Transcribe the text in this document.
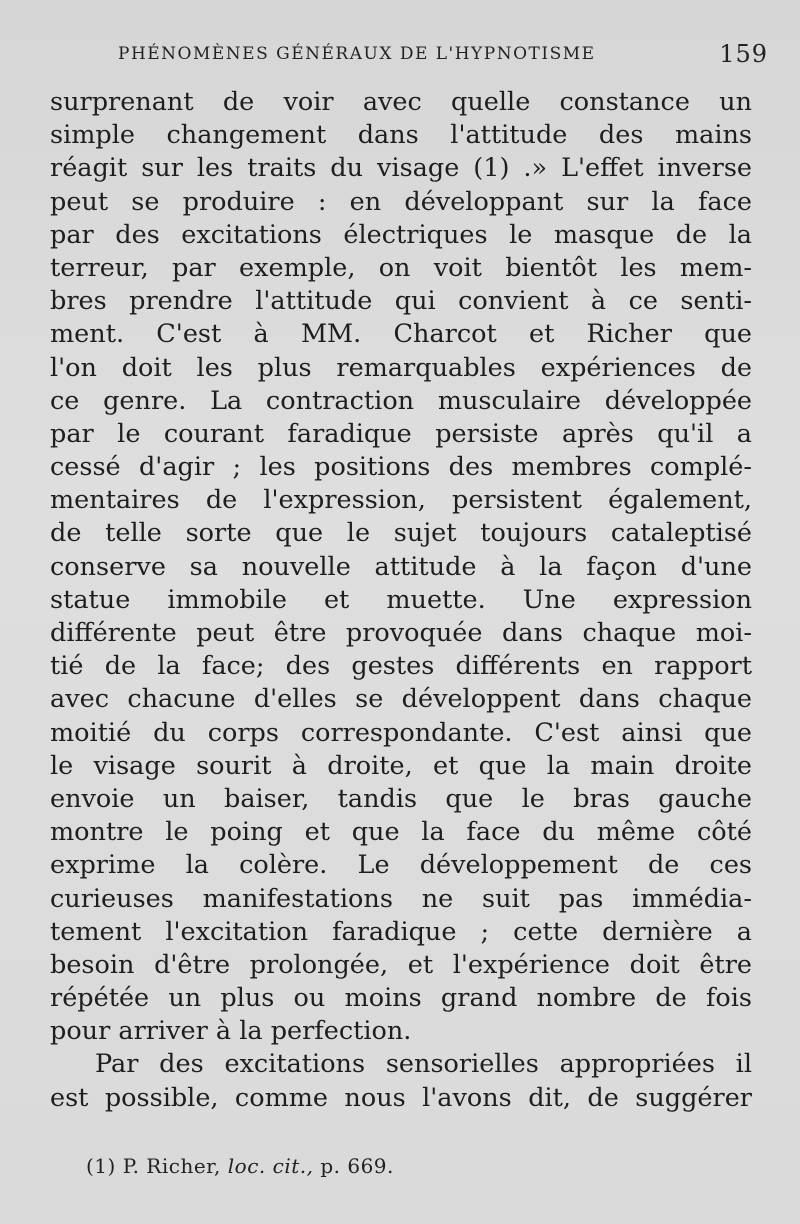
PHÉNOMÈNES GÉNÉRAUX DE L'HYPNOTISME	159
surprenant de voir avec quelle constance un
simple changement dans l'attitude des mains
réagit sur les traits du visage (1) .» L'effet inverse
peut se produire : en développant sur la face
par des excitations électriques le masque de la
terreur, par exemple, on voit bientôt les mem-
bres prendre l'attitude qui convient à ce senti-
ment. C'est à MM. Charcot et Richer que
l'on doit les plus remarquables expériences de
ce genre. La contraction musculaire développée
par le courant faradique persiste après qu'il a
cessé d'agir ; les positions des membres complé-
mentaires de l'expression, persistent également,
de telle sorte que le sujet toujours cataleptisé
conserve sa nouvelle attitude à la façon d'une
statue immobile et muette. Une expression
différente peut être provoquée dans chaque moi-
tié de la face; des gestes différents en rapport
avec chacune d'elles se développent dans chaque
moitié du corps correspondante. C'est ainsi que
le visage sourit à droite, et que la main droite
envoie un baiser, tandis que le bras gauche
montre le poing et que la face du même côté
exprime la colère. Le développement de ces
curieuses manifestations ne suit pas immédia-
tement l'excitation faradique ; cette dernière a
besoin d'être prolongée, et l'expérience doit être
répétée un plus ou moins grand nombre de fois
pour arriver à la perfection.
Par des excitations sensorielles appropriées il
est possible, comme nous l'avons dit, de suggérer
(1) P. Richer, loc. cit., p. 669.
